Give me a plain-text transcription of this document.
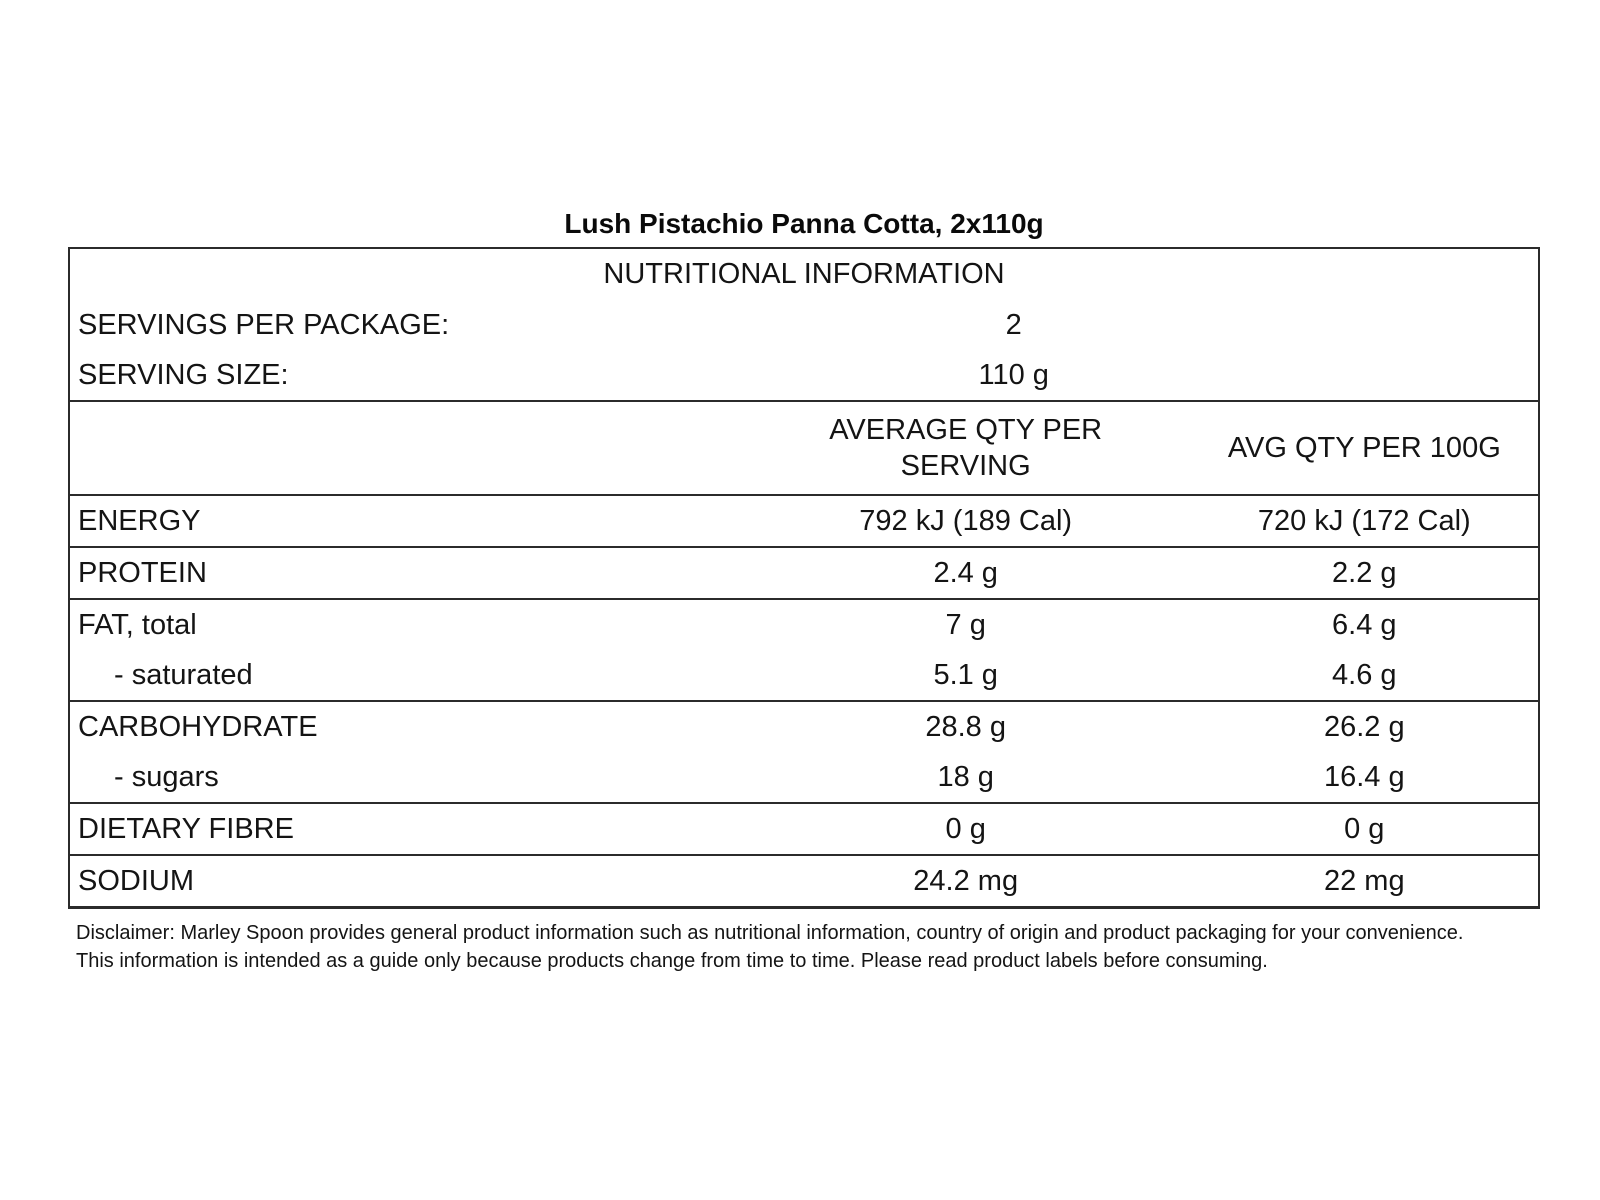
Lush Pistachio Panna Cotta, 2x110g
NUTRITIONAL INFORMATION		
SERVINGS PER PACKAGE:	2	
SERVING SIZE:	110 g	
	AVERAGE QTY PER SERVING	AVG QTY PER 100G
ENERGY	792 kJ (189 Cal)	720 kJ (172 Cal)
PROTEIN	2.4 g	2.2 g
FAT, total	7 g	6.4 g
- saturated	5.1 g	4.6 g
CARBOHYDRATE	28.8 g	26.2 g
- sugars	18 g	16.4 g
DIETARY FIBRE	0 g	0 g
SODIUM	24.2 mg	22 mg
Disclaimer: Marley Spoon provides general product information such as nutritional information, country of origin and product packaging for your convenience.
This information is intended as a guide only because products change from time to time. Please read product labels before consuming.
